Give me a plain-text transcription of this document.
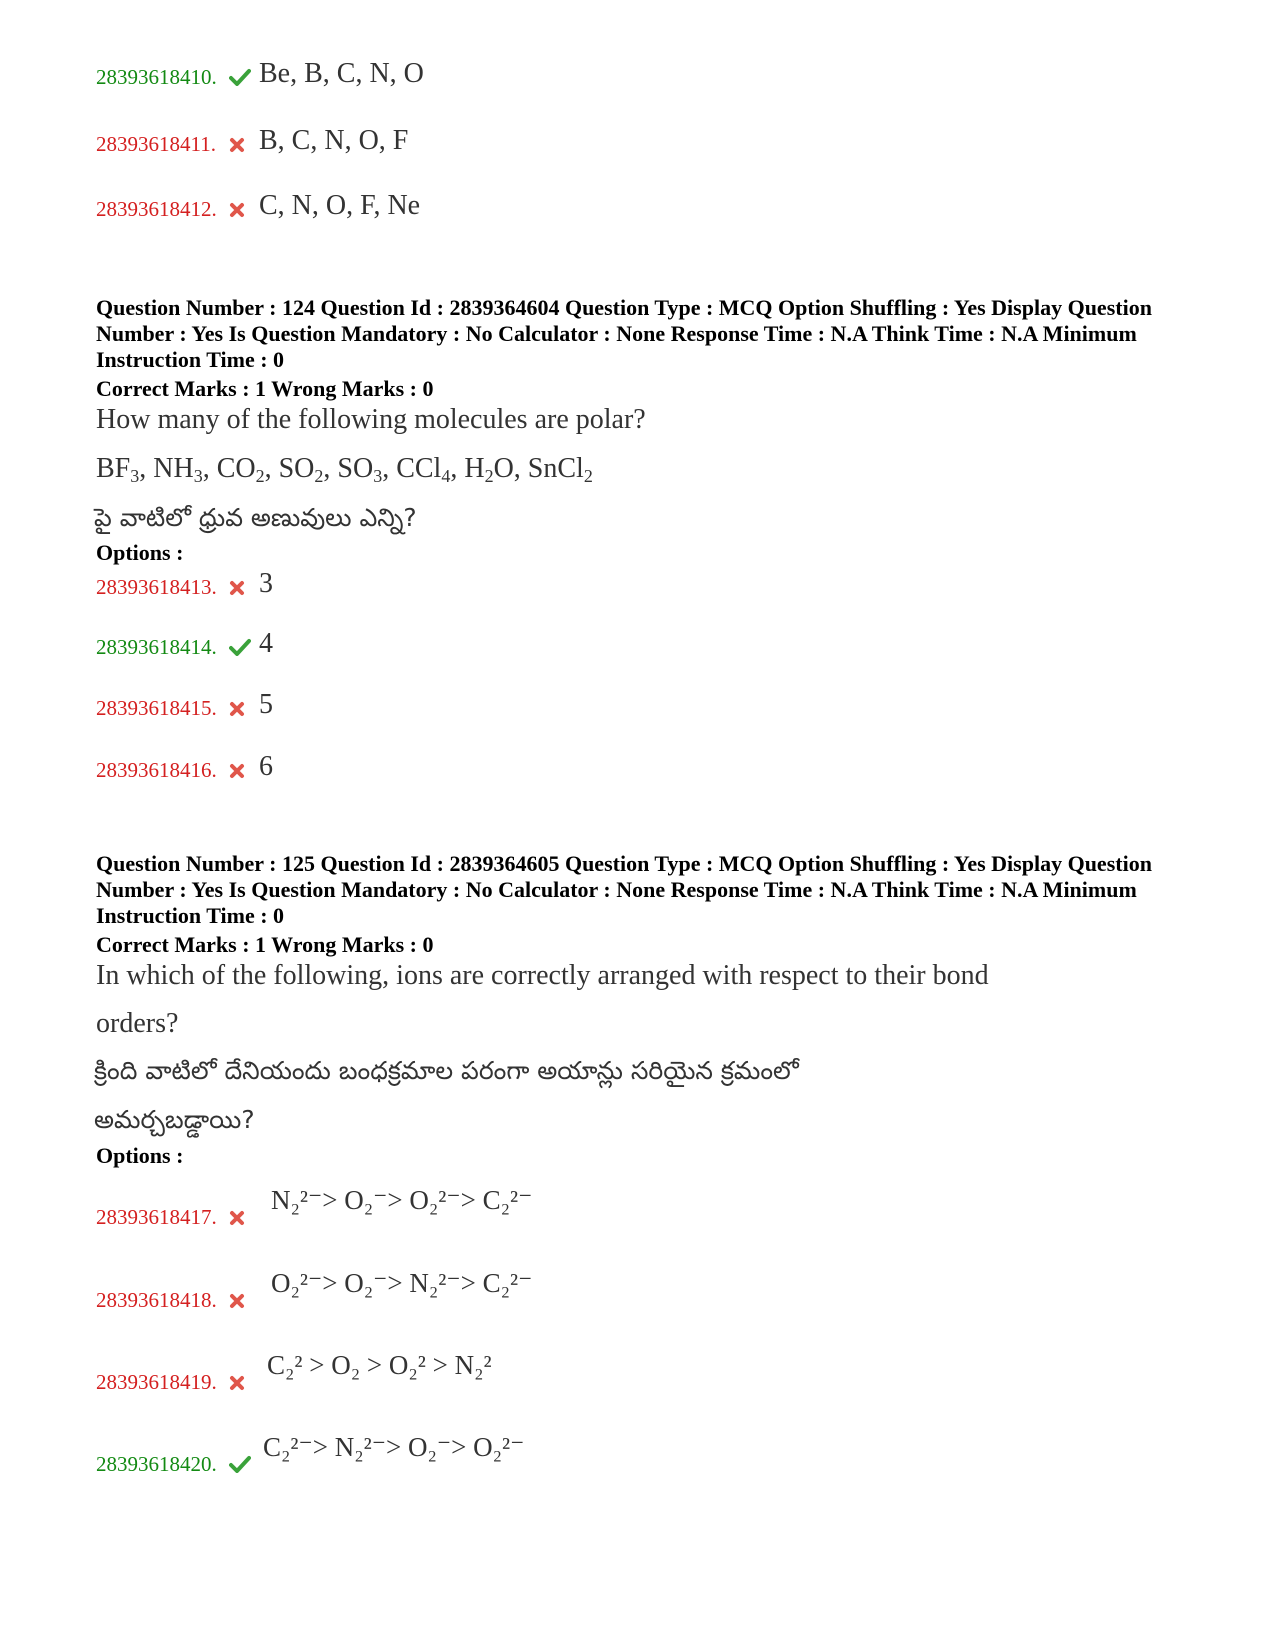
28393618410.	Be, B, C, N, O
28393618411.	B, C, N, O, F
28393618412.	C, N, O, F, Ne
Question Number : 124 Question Id : 2839364604 Question Type : MCQ Option Shuffling : Yes Display Question Number : Yes Is Question Mandatory : No Calculator : None Response Time : N.A Think Time : N.A Minimum Instruction Time : 0
Correct Marks : 1 Wrong Marks : 0
How many of the following molecules are polar?
$BF_3$, $NH_3$, $CO_2$, $SO_2$, $SO_3$, CCl$_4$, $H_2O$, SnCl$_2$
పై వాటిలో ధ్రువ అణువులు ఎన్ని?
Options :
28393618413.	3
28393618414.	4
28393618415.	5
28393618416.	6
Question Number : 125 Question Id : 2839364605 Question Type : MCQ Option Shuffling : Yes Display Question Number : Yes Is Question Mandatory : No Calculator : None Response Time : N.A Think Time : N.A Minimum Instruction Time : 0
Correct Marks : 1 Wrong Marks : 0
In which of the following, ions are correctly arranged with respect to their bond
orders?
క్రింది వాటిలో దేనియందు బంధక్రమాల పరంగా అయాన్లు సరియైన క్రమంలో
అమర్చబడ్డాయి?
Options :
28393618417.
N₂²⁻> O₂⁻> O₂²⁻> C₂²⁻
28393618418.
O₂²⁻> O₂⁻> N₂²⁻> C₂²⁻
28393618419.
C₂² > O₂ > O₂² > N₂²
28393618420.
C₂²⁻> N₂²⁻> O₂⁻> O₂²⁻
